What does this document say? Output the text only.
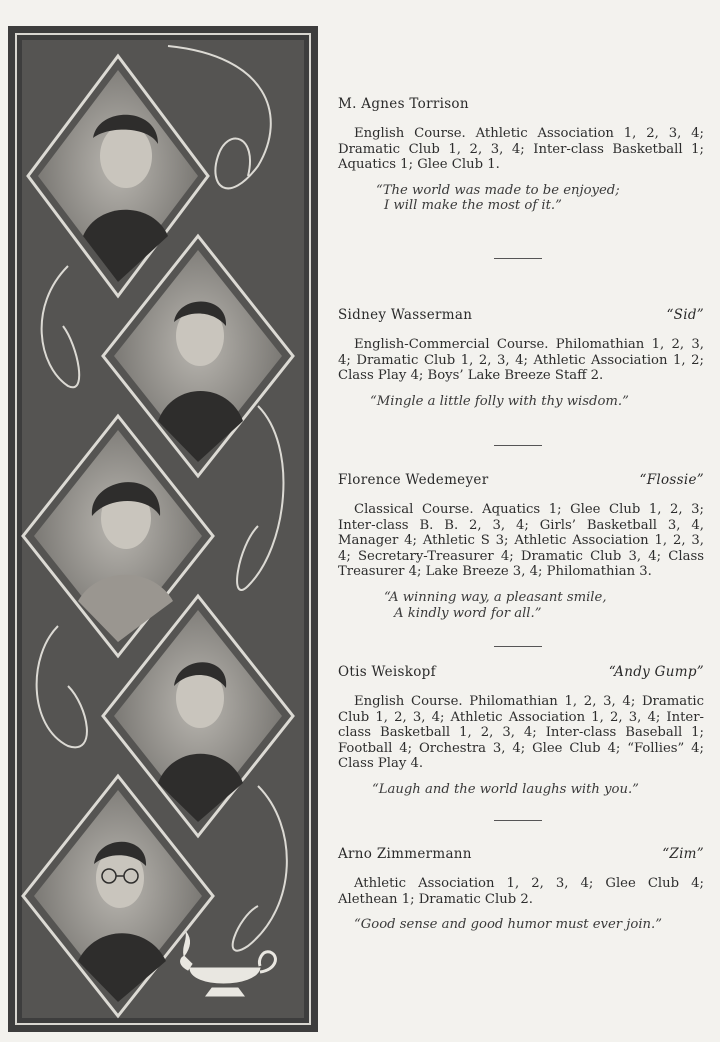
M. Agnes Torrison

English Course. Athletic Association 1, 2, 3, 4; Dramatic Club 1, 2, 3, 4; Inter-class Basketball 1; Aquatics 1; Glee Club 1.

“The world was made to be enjoyed;
I will make the most of it.”

Sidney Wasserman	“Sid”

English-Commercial Course. Philomathian 1, 2, 3, 4; Dramatic Club 1, 2, 3, 4; Athletic Association 1, 2; Class Play 4; Boys’ Lake Breeze Staff 2.

“Mingle a little folly with thy wisdom.”

Florence Wedemeyer	“Flossie”

Classical Course. Aquatics 1; Glee Club 1, 2, 3; Inter-class B. B. 2, 3, 4; Girls’ Basketball 3, 4, Manager 4; Athletic S 3; Athletic Association 1, 2, 3, 4; Secretary-Treasurer 4; Dramatic Club 3, 4; Class Treasurer 4; Lake Breeze 3, 4; Philomathian 3.

“A winning way, a pleasant smile,
A kindly word for all.”

Otis Weiskopf	“Andy Gump”

English Course. Philomathian 1, 2, 3, 4; Dramatic Club 1, 2, 3, 4; Athletic Association 1, 2, 3, 4; Inter-class Basketball 1, 2, 3, 4; Inter-class Baseball 1; Football 4; Orchestra 3, 4; Glee Club 4; “Follies” 4; Class Play 4.

“Laugh and the world laughs with you.”

Arno Zimmermann	“Zim”

Athletic Association 1, 2, 3, 4; Glee Club 4; Alethean 1; Dramatic Club 2.

“Good sense and good humor must ever join.”
